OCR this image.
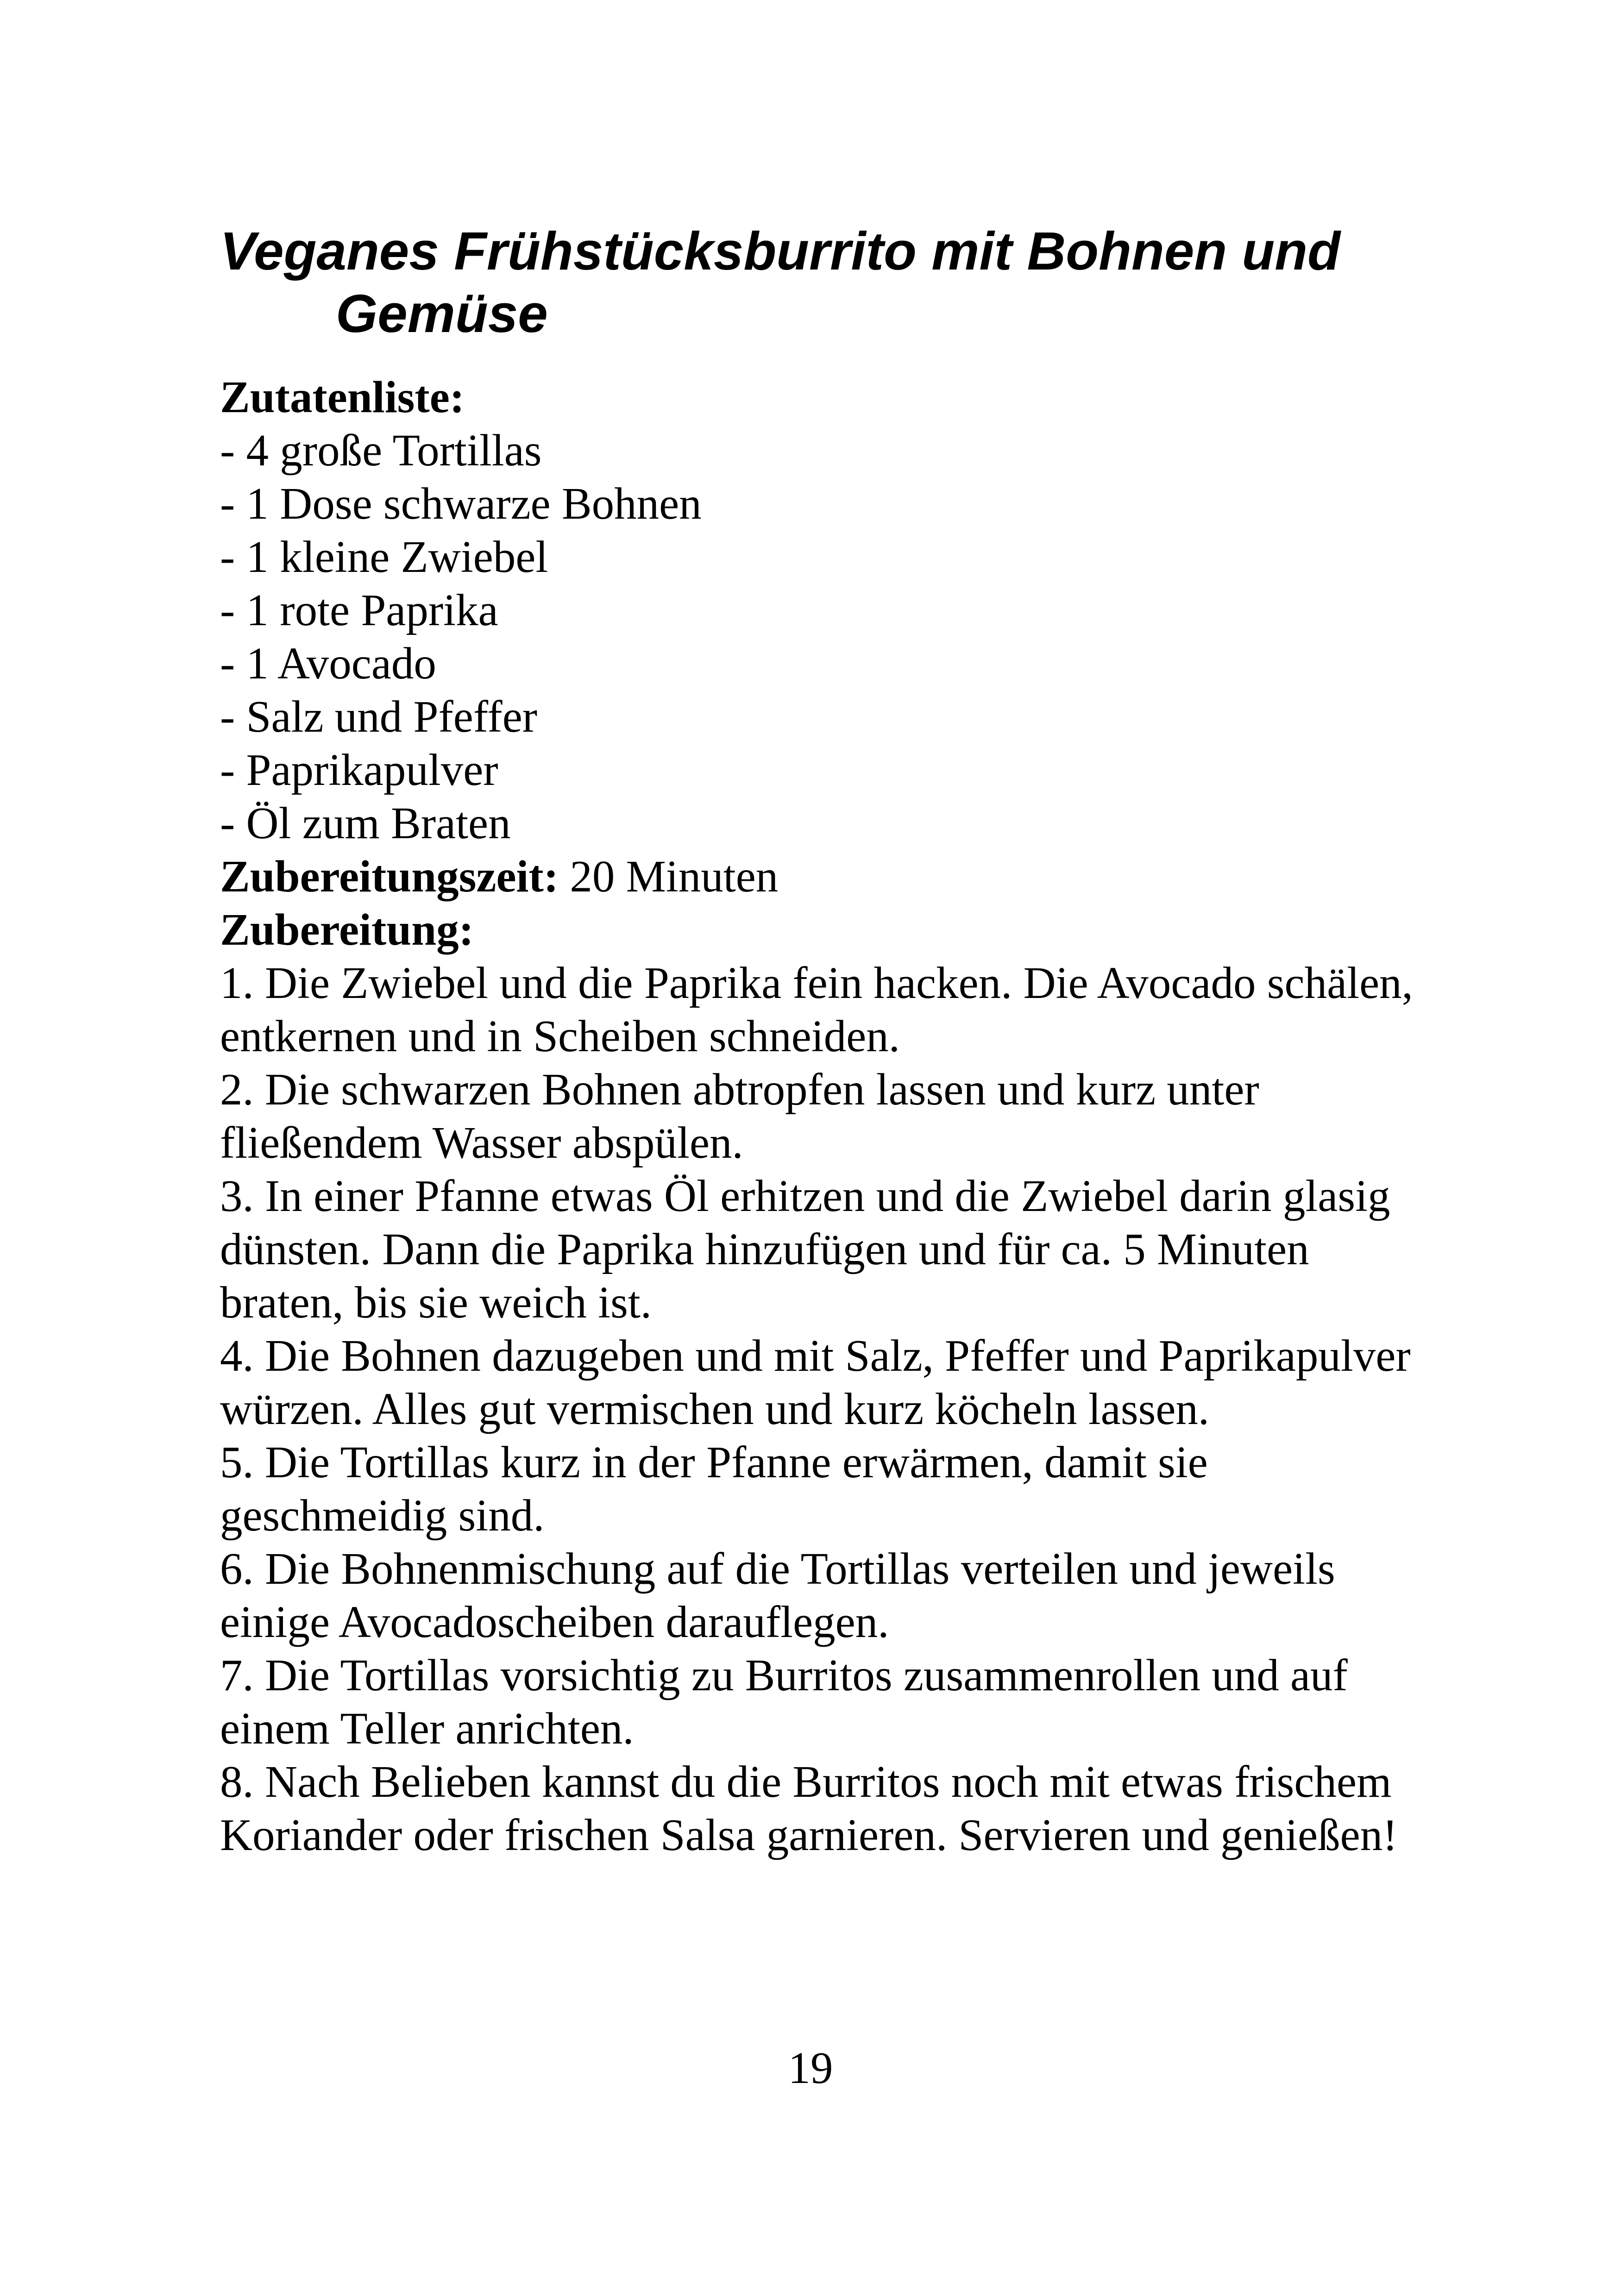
Veganes Frühstücksburrito mit Bohnen und Gemüse

Zutatenliste:

- 4 große Tortillas

- 1 Dose schwarze Bohnen

- 1 kleine Zwiebel

- 1 rote Paprika

- 1 Avocado

- Salz und Pfeffer

- Paprikapulver

- Öl zum Braten

Zubereitungszeit: 20 Minuten

Zubereitung:

1. Die Zwiebel und die Paprika fein hacken. Die Avocado schälen, entkernen und in Scheiben schneiden.

2. Die schwarzen Bohnen abtropfen lassen und kurz unter fließendem Wasser abspülen.

3. In einer Pfanne etwas Öl erhitzen und die Zwiebel darin glasig dünsten. Dann die Paprika hinzufügen und für ca. 5 Minuten braten, bis sie weich ist.

4. Die Bohnen dazugeben und mit Salz, Pfeffer und Paprikapulver würzen. Alles gut vermischen und kurz köcheln lassen.

5. Die Tortillas kurz in der Pfanne erwärmen, damit sie geschmeidig sind.

6. Die Bohnenmischung auf die Tortillas verteilen und jeweils einige Avocadoscheiben darauflegen.

7. Die Tortillas vorsichtig zu Burritos zusammenrollen und auf einem Teller anrichten.

8. Nach Belieben kannst du die Burritos noch mit etwas frischem Koriander oder frischen Salsa garnieren. Servieren und genießen!

19
